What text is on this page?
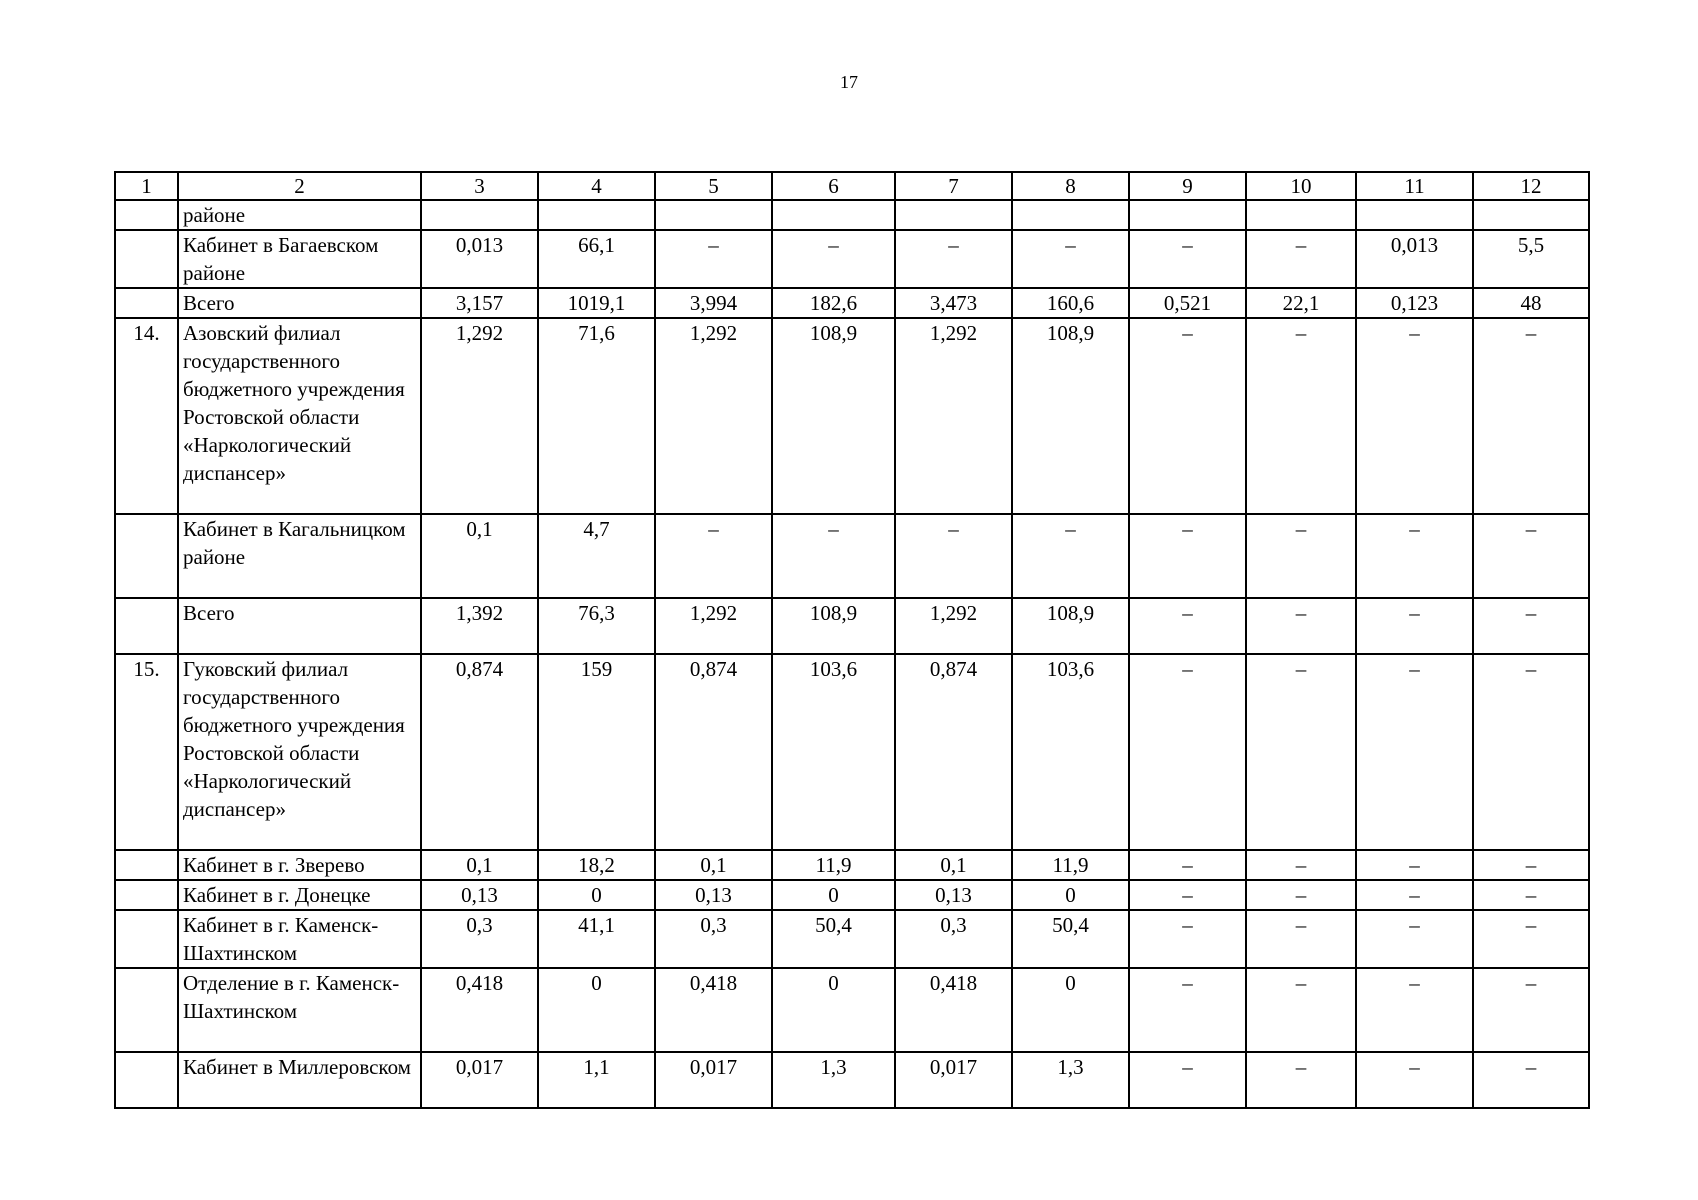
17
1	2	3	4	5	6	7	8	9	10	11	12
	районе										
	Кабинет в Багаевском районе	0,013	66,1	–	–	–	–	–	–	0,013	5,5
	Всего	3,157	1019,1	3,994	182,6	3,473	160,6	0,521	22,1	0,123	48
14.	Азовский филиал государственного бюджетного учреждения Ростовской области «Наркологический диспансер»	1,292	71,6	1,292	108,9	1,292	108,9	–	–	–	–
	Кабинет в Кагальницком районе	0,1	4,7	–	–	–	–	–	–	–	–
	Всего	1,392	76,3	1,292	108,9	1,292	108,9	–	–	–	–
15.	Гуковский филиал государственного бюджетного учреждения Ростовской области «Наркологический диспансер»	0,874	159	0,874	103,6	0,874	103,6	–	–	–	–
	Кабинет в г. Зверево	0,1	18,2	0,1	11,9	0,1	11,9	–	–	–	–
	Кабинет в г. Донецке	0,13	0	0,13	0	0,13	0	–	–	–	–
	Кабинет в г. Каменск-Шахтинском	0,3	41,1	0,3	50,4	0,3	50,4	–	–	–	–
	Отделение в г. Каменск-Шахтинском	0,418	0	0,418	0	0,418	0	–	–	–	–
	Кабинет в Миллеровском	0,017	1,1	0,017	1,3	0,017	1,3	–	–	–	–
